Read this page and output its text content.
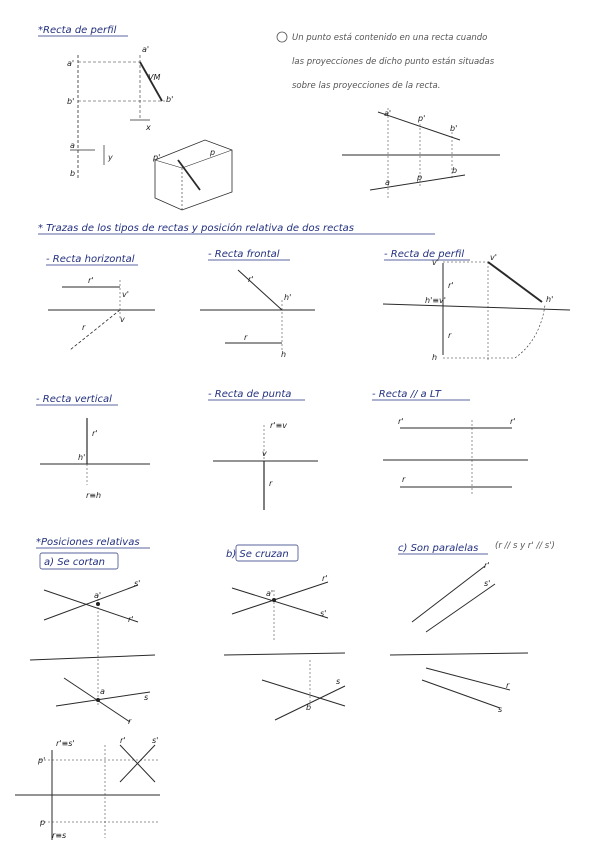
*Recta de perfil
a'
a'
b'	b'
VM
x
y
a
b
p'
p
Un punto está contenido en una recta cuando
las proyecciones de dicho punto están situadas
sobre las proyecciones de la recta.
a'
p'
b'
a
p
b
* Trazas de los tipos de rectas y posición relativa de dos rectas
- Recta horizontal
r'
v'
v
r
- Recta frontal
r'
h'
r
h
- Recta de perfil
v'
v'
r'
h'≡v'	h'
r
h
- Recta vertical
r'
h'
r≡h
- Recta de punta
r'≡v
v
r
- Recta // a LT
r'	r'
r
*Posiciones relativas
a) Se cortan
a'
s'
r'
a
s
r
b) Se cruzan
a'
r'
s'
b
s
c) Son paralelas (r // s y r' // s')
r'
s'
r
s
r'≡s'
p'
p
r≡s
r'	s'
